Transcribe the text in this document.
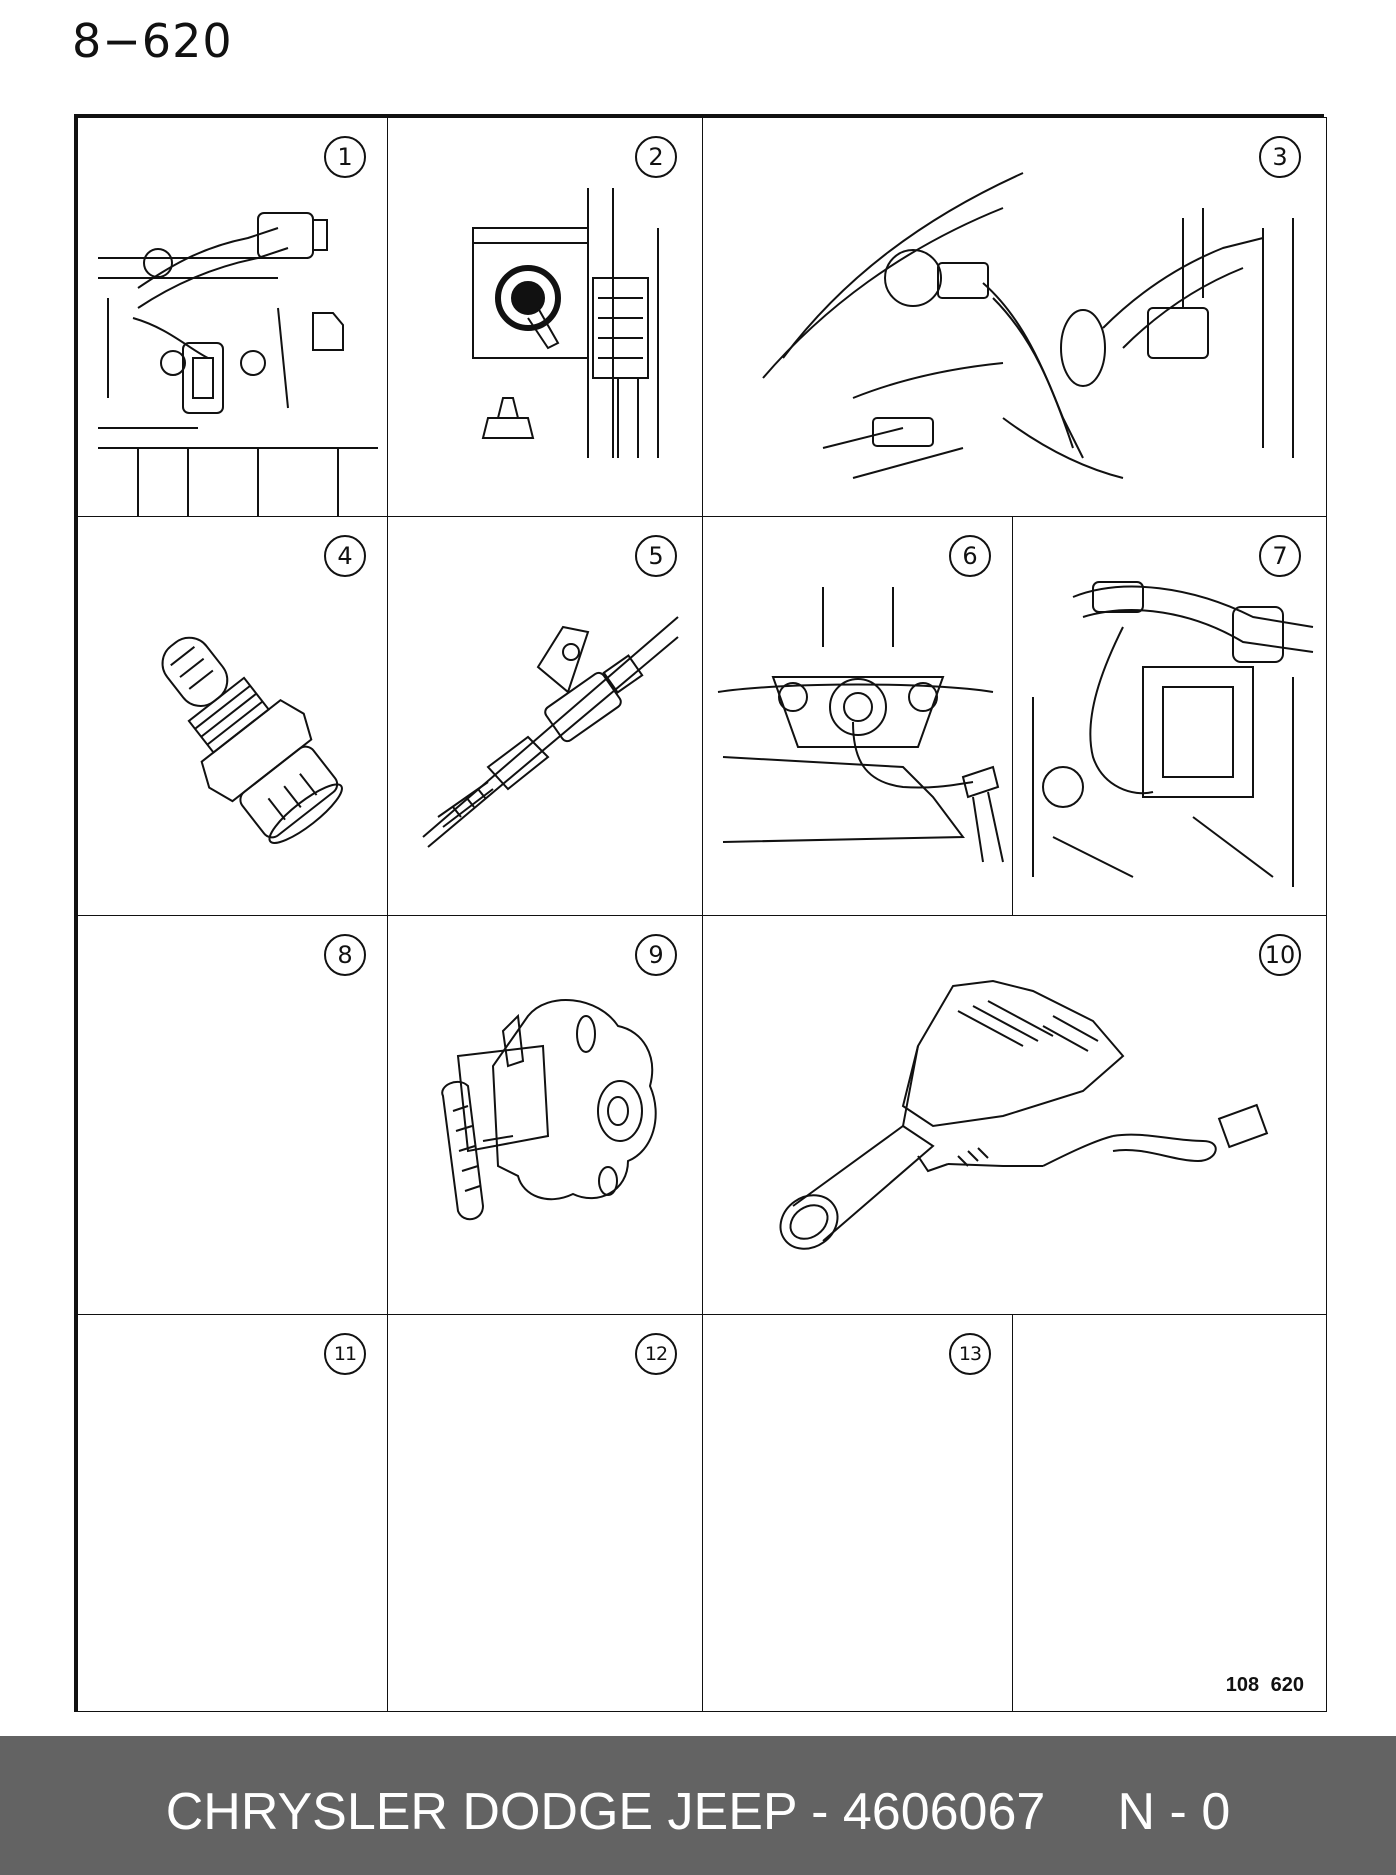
8−620
1	2	3
4	5	6	7
8	9	10
11	12	13
108 620
CHRYSLER DODGE JEEP - 4606067     N - 0
